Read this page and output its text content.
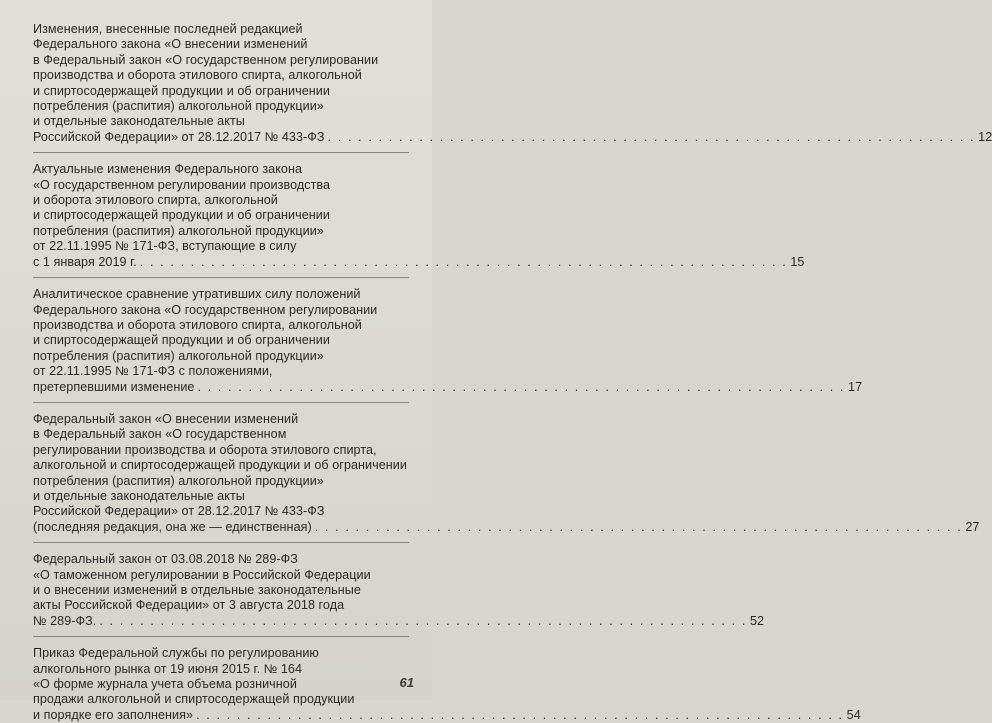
Изменения, внесенные последней редакцией
Федерального закона «О внесении изменений
в Федеральный закон «О государственном регулировании
производства и оборота этилового спирта, алкогольной
и спиртосодержащей продукции и об ограничении
потребления (распития) алкогольной продукции»
и отдельные законодательные акты
Российской Федерации» от 28.12.2017 № 433-ФЗ . . .	12
Актуальные изменения Федерального закона
«О государственном регулировании производства
и оборота этилового спирта, алкогольной
и спиртосодержащей продукции и об ограничении
потребления (распития) алкогольной продукции»
от 22.11.1995 № 171-ФЗ, вступающие в силу
с 1 января 2019 г. . . .	15
Аналитическое сравнение утративших силу положений
Федерального закона «О государственном регулировании
производства и оборота этилового спирта, алкогольной
и спиртосодержащей продукции и об ограничении
потребления (распития) алкогольной продукции»
от 22.11.1995 № 171-ФЗ с положениями,
претерпевшими изменение . . .	17
Федеральный закон «О внесении изменений
в Федеральный закон «О государственном
регулировании производства и оборота этилового спирта,
алкогольной и спиртосодержащей продукции и об ограничении
потребления (распития) алкогольной продукции»
и отдельные законодательные акты
Российской Федерации» от 28.12.2017 № 433-ФЗ
(последняя редакция, она же — единственная) . . .	27
Федеральный закон от 03.08.2018 № 289-ФЗ
«О таможенном регулировании в Российской Федерации
и о внесении изменений в отдельные законодательные
акты Российской Федерации» от 3 августа 2018 года
№ 289-ФЗ. . . .	52
Приказ Федеральной службы по регулированию
алкогольного рынка от 19 июня 2015 г. № 164
«О форме журнала учета объема розничной
продажи алкогольной и спиртосодержащей продукции
и порядке его заполнения» . . .	54
61
